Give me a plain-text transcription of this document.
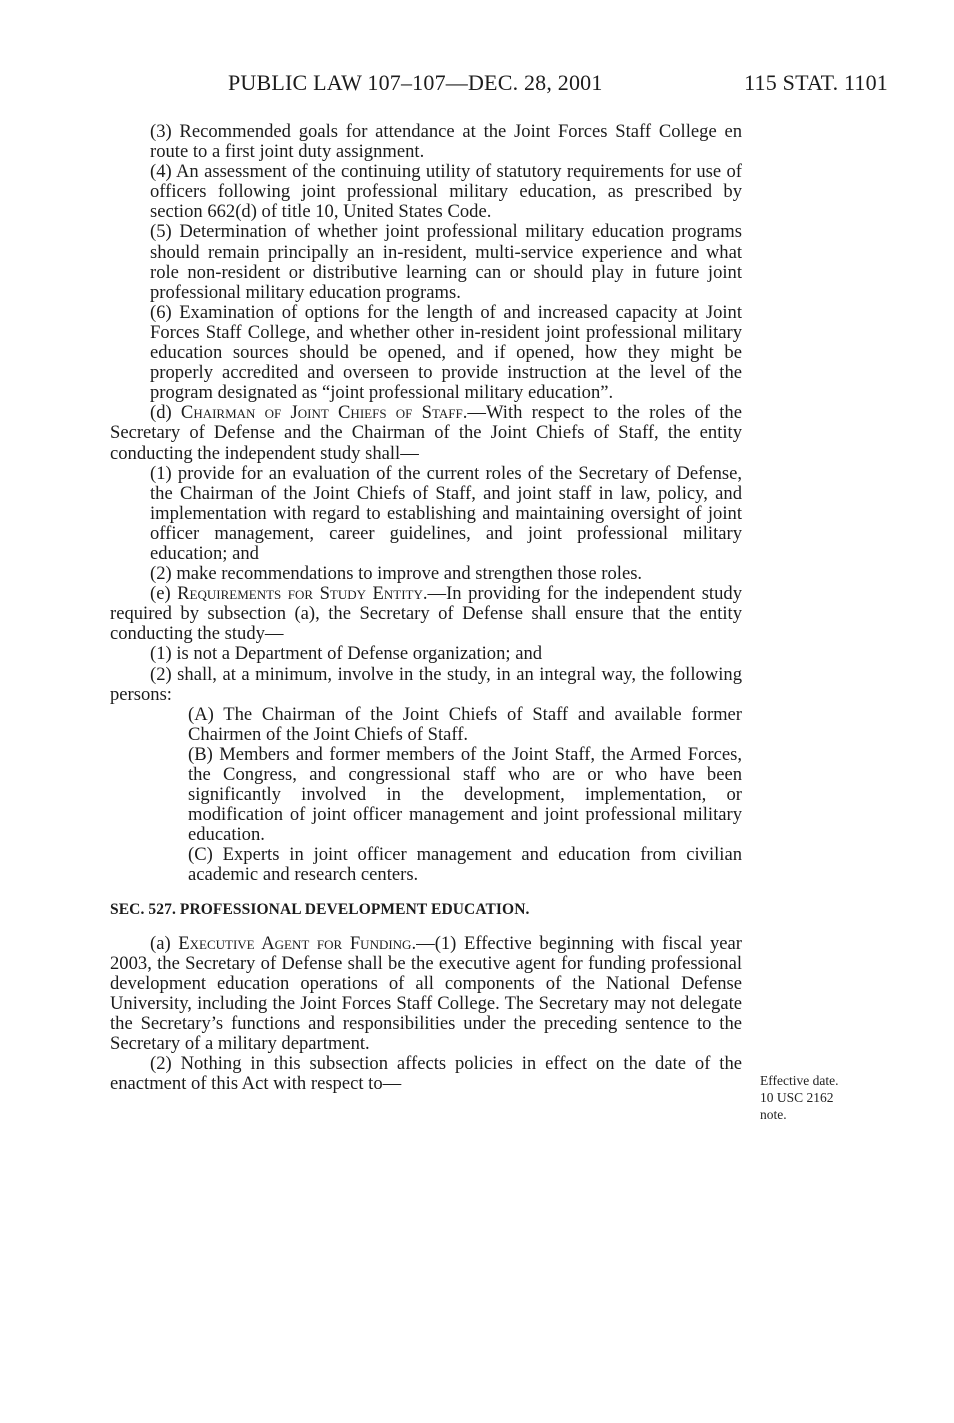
PUBLIC LAW 107–107—DEC. 28, 2001	115 STAT. 1101

(3) Recommended goals for attendance at the Joint Forces Staff College en route to a first joint duty assignment.

(4) An assessment of the continuing utility of statutory requirements for use of officers following joint professional military education, as prescribed by section 662(d) of title 10, United States Code.

(5) Determination of whether joint professional military education programs should remain principally an in-resident, multi-service experience and what role non-resident or distributive learning can or should play in future joint professional military education programs.

(6) Examination of options for the length of and increased capacity at Joint Forces Staff College, and whether other in-resident joint professional military education sources should be opened, and if opened, how they might be properly accredited and overseen to provide instruction at the level of the program designated as “joint professional military education”.

(d) Chairman of Joint Chiefs of Staff.—With respect to the roles of the Secretary of Defense and the Chairman of the Joint Chiefs of Staff, the entity conducting the independent study shall—

(1) provide for an evaluation of the current roles of the Secretary of Defense, the Chairman of the Joint Chiefs of Staff, and joint staff in law, policy, and implementation with regard to establishing and maintaining oversight of joint officer management, career guidelines, and joint professional military education; and

(2) make recommendations to improve and strengthen those roles.

(e) Requirements for Study Entity.—In providing for the independent study required by subsection (a), the Secretary of Defense shall ensure that the entity conducting the study—

(1) is not a Department of Defense organization; and

(2) shall, at a minimum, involve in the study, in an integral way, the following persons:

(A) The Chairman of the Joint Chiefs of Staff and available former Chairmen of the Joint Chiefs of Staff.

(B) Members and former members of the Joint Staff, the Armed Forces, the Congress, and congressional staff who are or who have been significantly involved in the development, implementation, or modification of joint officer management and joint professional military education.

(C) Experts in joint officer management and education from civilian academic and research centers.

SEC. 527. PROFESSIONAL DEVELOPMENT EDUCATION.

(a) Executive Agent for Funding.—(1) Effective beginning with fiscal year 2003, the Secretary of Defense shall be the executive agent for funding professional development education operations of all components of the National Defense University, including the Joint Forces Staff College. The Secretary may not delegate the Secretary’s functions and responsibilities under the preceding sentence to the Secretary of a military department.

(2) Nothing in this subsection affects policies in effect on the date of the enactment of this Act with respect to—	Effective date.
10 USC 2162
note.
